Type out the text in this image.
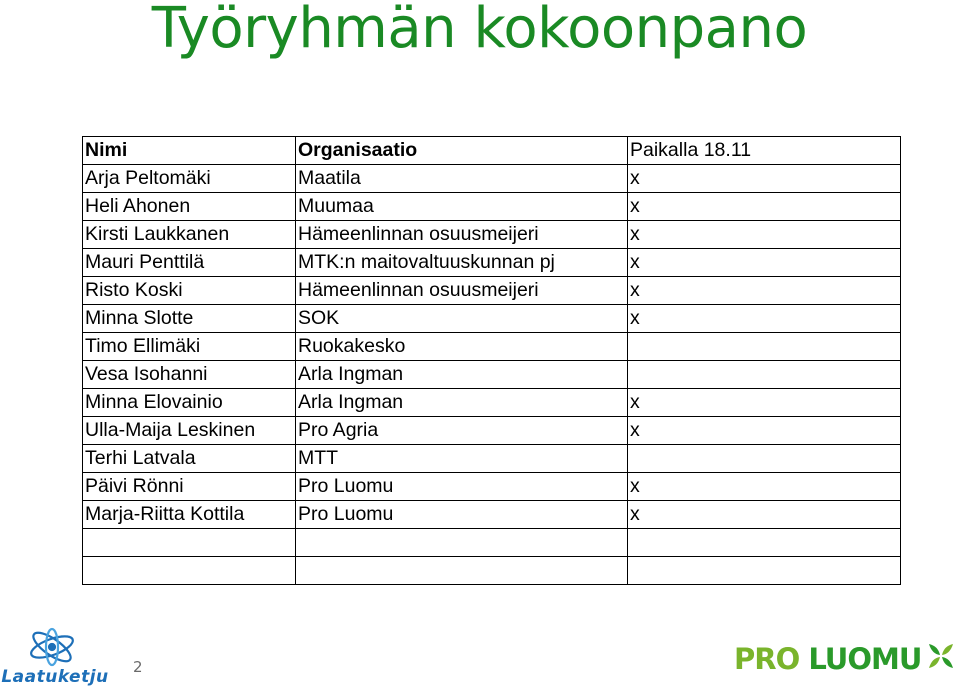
Työryhmän kokoonpano
Nimi	Organisaatio	Paikalla 18.11
Arja Peltomäki	Maatila	x
Heli Ahonen	Muumaa	x
Kirsti Laukkanen	Hämeenlinnan osuusmeijeri	x
Mauri Penttilä	MTK:n maitovaltuuskunnan pj	x
Risto Koski	Hämeenlinnan osuusmeijeri	x
Minna Slotte	SOK	x
Timo Ellimäki	Ruokakesko	
Vesa Isohanni	Arla Ingman	
Minna Elovainio	Arla Ingman	x
Ulla-Maija Leskinen	Pro Agria	x
Terhi Latvala	MTT	
Päivi Rönni	Pro Luomu	x
Marja-Riitta Kottila	Pro Luomu	x

Laatuketju 2	PRO LUOMU
